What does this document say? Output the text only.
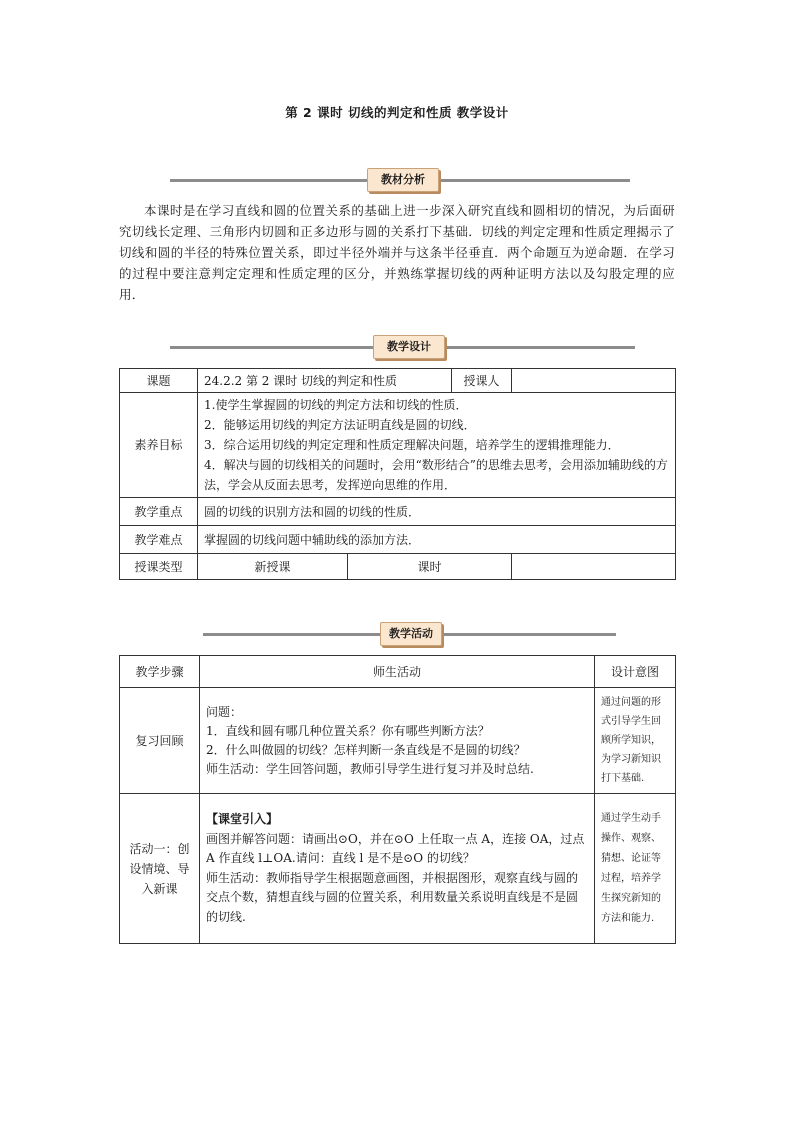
第 2 课时 切线的判定和性质 教学设计
教材分析
本课时是在学习直线和圆的位置关系的基础上进一步深入研究直线和圆相切的情况，为后面研究切线长定理、三角形内切圆和正多边形与圆的关系打下基础．切线的判定定理和性质定理揭示了切线和圆的半径的特殊位置关系，即过半径外端并与这条半径垂直．两个命题互为逆命题．在学习的过程中要注意判定定理和性质定理的区分，并熟练掌握切线的两种证明方法以及勾股定理的应用．
教学设计
课题	24.2.2 第 2 课时 切线的判定和性质		授课人	
素养目标	1.使学生掌握圆的切线的判定方法和切线的性质．
2．能够运用切线的判定方法证明直线是圆的切线．
3．综合运用切线的判定定理和性质定理解决问题，培养学生的逻辑推理能力．
4．解决与圆的切线相关的问题时，会用“数形结合”的思维去思考，会用添加辅助线的方法，学会从反面去思考，发挥逆向思维的作用．			

教学重点	圆的切线的识别方法和圆的切线的性质．			
教学难点	掌握圆的切线问题中辅助线的添加方法．			
授课类型	新授课	课时		
教学活动
教学步骤	师生活动	设计意图
复习回顾	问题：
1．直线和圆有哪几种位置关系？你有哪些判断方法？
2．什么叫做圆的切线？怎样判断一条直线是不是圆的切线？
师生活动：学生回答问题，教师引导学生进行复习并及时总结.	通过问题的形式引导学生回顾所学知识，为学习新知识打下基础.
活动一：创设情境、导入新课	【课堂引入】
画图并解答问题：请画出⊙O，并在⊙O 上任取一点 A，连接 OA，过点 A 作直线 l⊥OA.请问：直线 l 是不是⊙O 的切线？
师生活动：教师指导学生根据题意画图，并根据图形，观察直线与圆的交点个数，猜想直线与圆的位置关系，利用数量关系说明直线是不是圆的切线.	通过学生动手操作、观察、猜想、论证等过程，培养学生探究新知的方法和能力.
